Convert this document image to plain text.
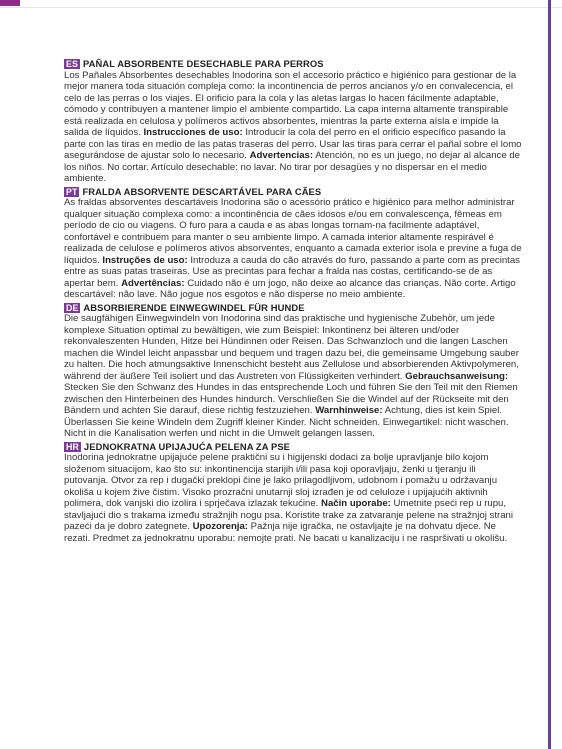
ES PAÑAL ABSORBENTE DESECHABLE PARA PERROS
Los Pañales Absorbentes desechables Inodorina son el accesorio práctico e higiénico para gestionar de la mejor manera toda situación compleja como: la incontinencia de perros ancianos y/o en convalecencia, el celo de las perras o los viajes. El orificio para la cola y las aletas largas lo hacen fácilmente adaptable, cómodo y contribuyen a mantener limpio el ambiente compartido. La capa interna altamente transpirable está realizada en celulosa y polímeros activos absorbentes, mientras la parte externa aísla e impide la salida de líquidos. Instrucciones de uso: Introducir la cola del perro en el orificio específico pasando la parte con las tiras en medio de las patas traseras del perro. Usar las tiras para cerrar el pañal sobre el lomo asegurándose de ajustar solo lo necesario. Advertencias: Atención, no es un juego, no dejar al alcance de los niños. No cortar. Artículo desechable: no lavar. No tirar por desagües y no dispersar en el medio ambiente.
PT FRALDA ABSORVENTE DESCARTÁVEL PARA CÃES
As fraldas absorventes descartáveis Inodorina são o acessório prático e higiénico para melhor administrar qualquer situação complexa como: a incontinência de cães idosos e/ou em convalescença, fêmeas em período de cio ou viagens. O furo para a cauda e as abas longas tornam-na facilmente adaptável, confortável e contribuem para manter o seu ambiente limpo. A camada interior altamente respirável é realizada de celulose e polímeros ativos absorventes, enquanto a camada exterior isola e previne a fuga de líquidos. Instruções de uso: Introduza a cauda do cão através do furo, passando a parte com as precintas entre as suas patas traseiras. Use as precintas para fechar a fralda nas costas, certificando-se de as apertar bem. Advertências: Cuidado não é um jogo, não deixe ao alcance das crianças. Não corte. Artigo descartável: não lave. Não jogue nos esgotos e não disperse no meio ambiente.
DE ABSORBIERENDE EINWEGWINDEL FÜR HUNDE
Die saugfähigen Einwegwindeln von Inodorina sind das praktische und hygienische Zubehör, um jede komplexe Situation optimal zu bewältigen, wie zum Beispiel: Inkontinenz bei älteren und/oder rekonvaleszenten Hunden, Hitze bei Hündinnen oder Reisen. Das Schwanzloch und die langen Laschen machen die Windel leicht anpassbar und bequem und tragen dazu bei, die gemeinsame Umgebung sauber zu halten. Die hoch atmungsaktive Innenschicht besteht aus Zellulose und absorbierenden Aktivpolymeren, während der äußere Teil isoliert und das Austreten von Flüssigkeiten verhindert. Gebrauchsanweisung: Stecken Sie den Schwanz des Hundes in das entsprechende Loch und führen Sie den Teil mit den Riemen zwischen den Hinterbeinen des Hundes hindurch. Verschließen Sie die Windel auf der Rückseite mit den Bändern und achten Sie darauf, diese richtig festzuziehen. Warnhinweise: Achtung, dies ist kein Spiel. Überlassen Sie keine Windeln dem Zugriff kleiner Kinder. Nicht schneiden. Einwegartikel: nicht waschen. Nicht in die Kanalisation werfen und nicht in die Umwelt gelangen lassen.
HR JEDNOKRATNA UPIJAJUĆA PELENA ZA PSE
Inodorina jednokratne upijajuće pelene praktični su i higijenski dodaci za bolje upravljanje bilo kojom složenom situacijom, kao što su: inkontinencija starijih i/ili pasa koji oporavljaju, ženki u tjeranju ili putovanja. Otvor za rep i dugački preklopi čine je lako prilagodljivom, udobnom i pomažu u održavanju okoliša u kojem žive čistim. Visoko prozračni unutarnji sloj izrađen je od celuloze i upijajućih aktivnih polimera, dok vanjski dio izolira i sprječava izlazak tekućine. Način uporabe: Umetnite pseći rep u rupu, stavljajući dio s trakama između stražnjih nogu psa. Koristite trake za zatvaranje pelene na stražnjoj strani pazeći da je dobro zategnete. Upozorenja: Pažnja nije igračka, ne ostavljajte je na dohvatu djece. Ne rezati. Predmet za jednokratnu uporabu: nemojte prati. Ne bacati u kanalizaciju i ne raspršivati u okolišu.
